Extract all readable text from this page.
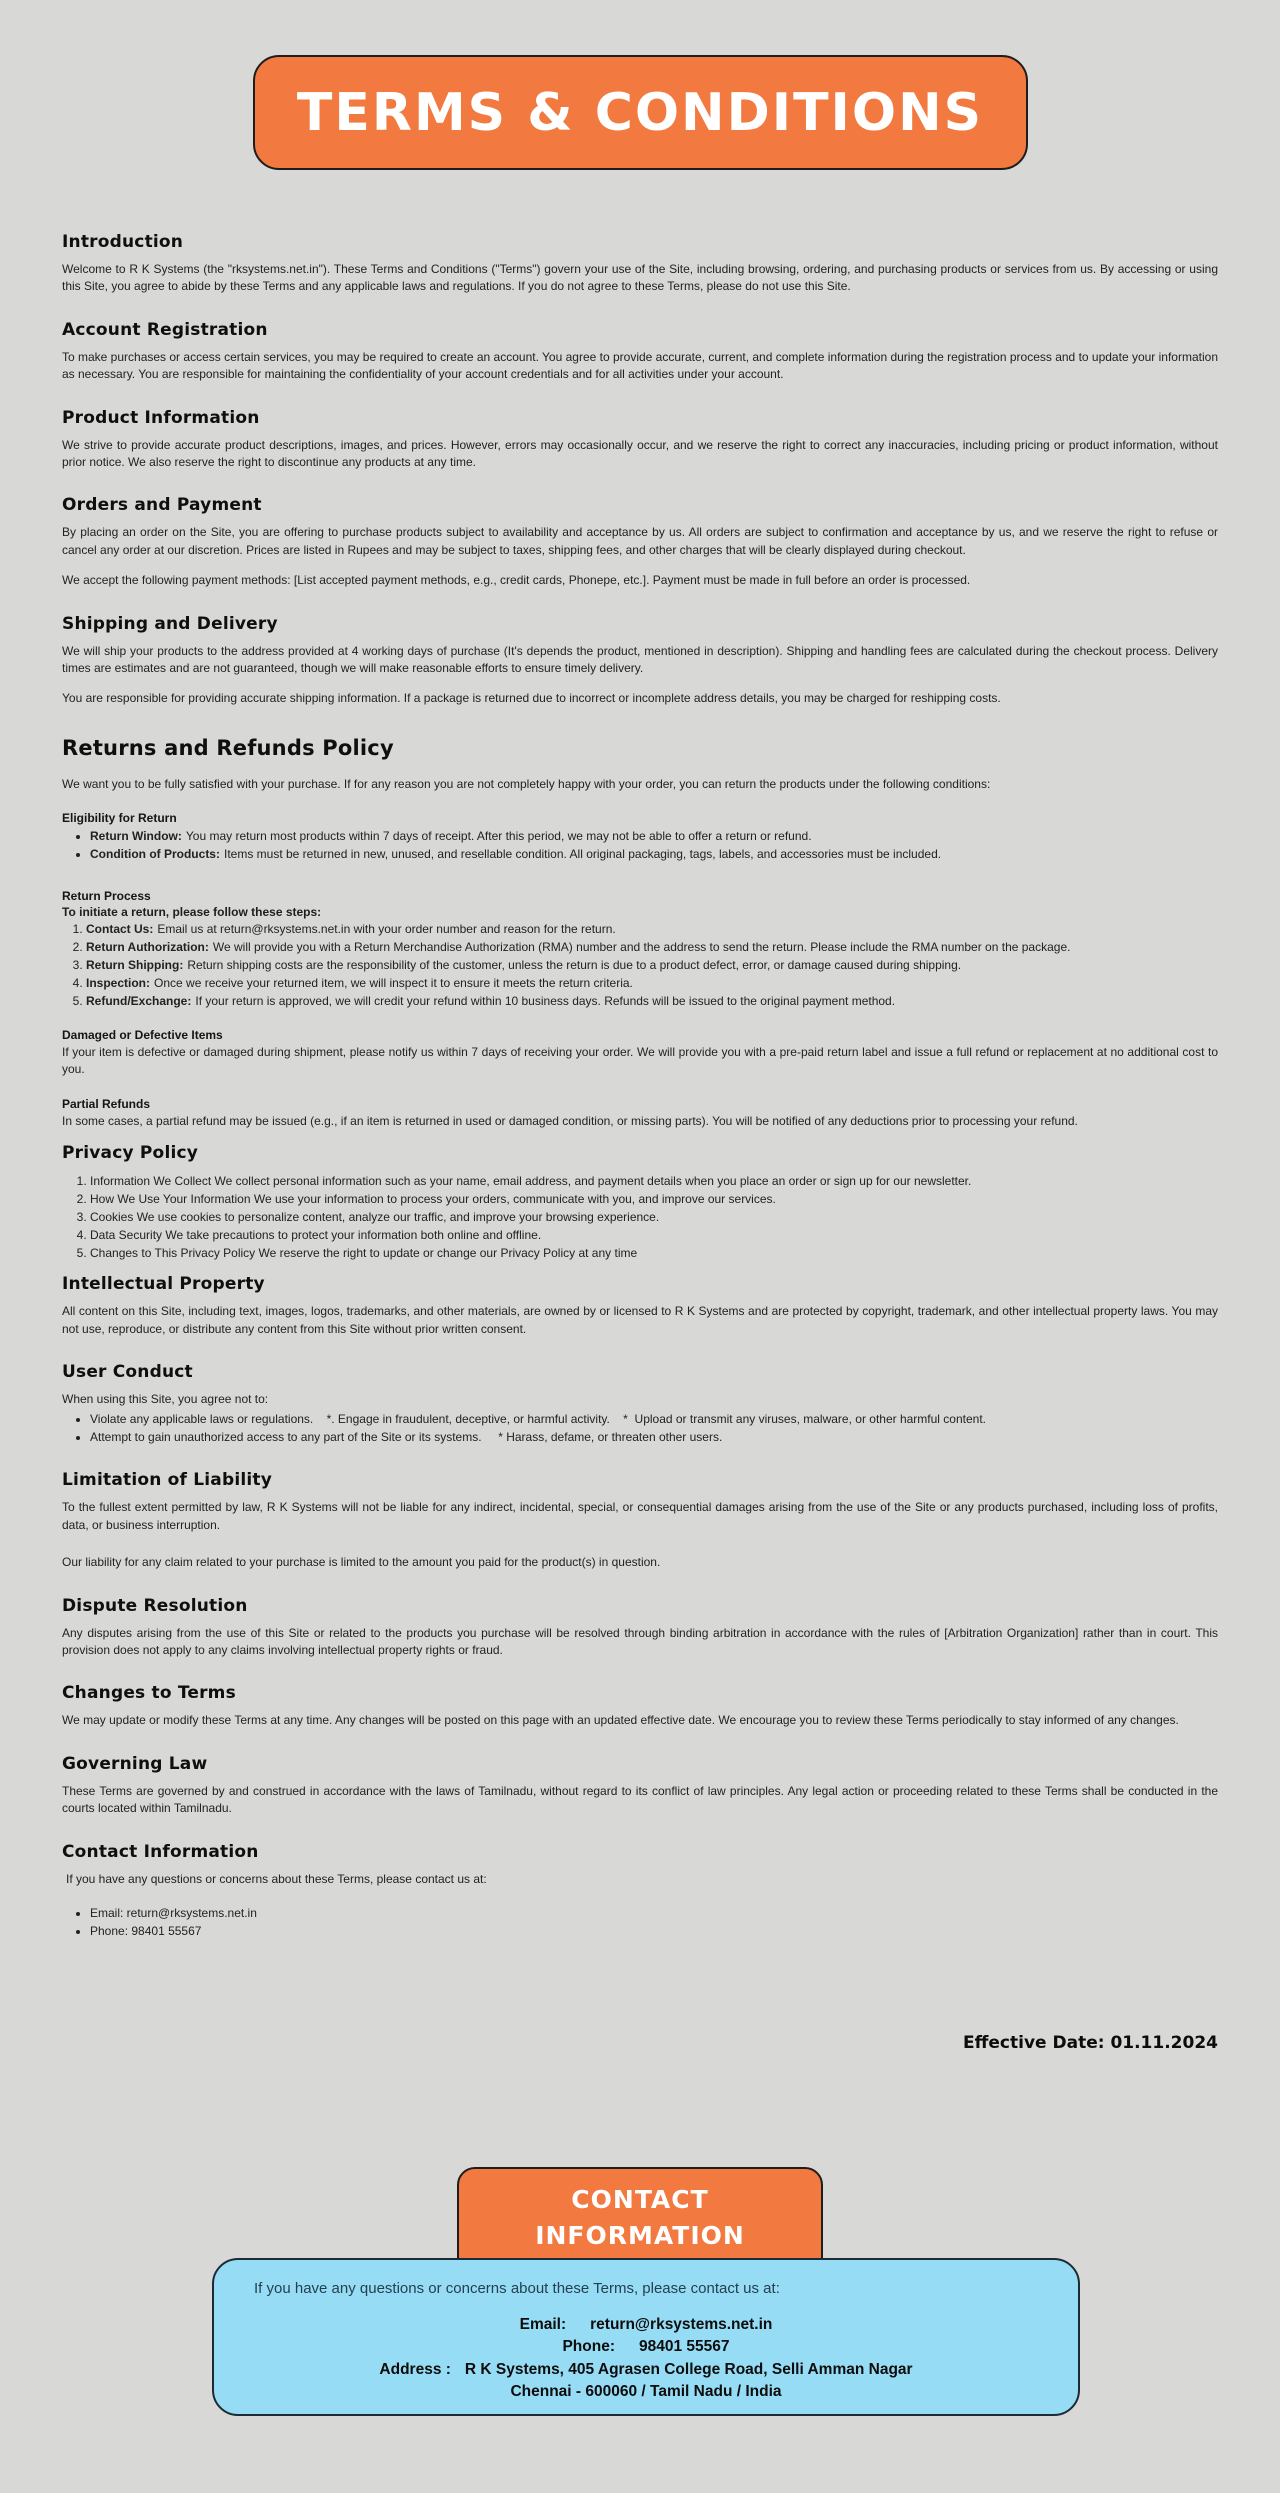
TERMS & CONDITIONS
Introduction

Welcome to R K Systems (the "rksystems.net.in"). These Terms and Conditions ("Terms") govern your use of the Site, including browsing, ordering, and purchasing products or services from us. By accessing or using this Site, you agree to abide by these Terms and any applicable laws and regulations. If you do not agree to these Terms, please do not use this Site.

Account Registration

To make purchases or access certain services, you may be required to create an account. You agree to provide accurate, current, and complete information during the registration process and to update your information as necessary. You are responsible for maintaining the confidentiality of your account credentials and for all activities under your account.

Product Information

We strive to provide accurate product descriptions, images, and prices. However, errors may occasionally occur, and we reserve the right to correct any inaccuracies, including pricing or product information, without prior notice. We also reserve the right to discontinue any products at any time.

Orders and Payment

By placing an order on the Site, you are offering to purchase products subject to availability and acceptance by us. All orders are subject to confirmation and acceptance by us, and we reserve the right to refuse or cancel any order at our discretion. Prices are listed in Rupees and may be subject to taxes, shipping fees, and other charges that will be clearly displayed during checkout.

We accept the following payment methods: [List accepted payment methods, e.g., credit cards, Phonepe, etc.]. Payment must be made in full before an order is processed.

Shipping and Delivery

We will ship your products to the address provided at 4 working days of purchase (It's depends the product, mentioned in description). Shipping and handling fees are calculated during the checkout process. Delivery times are estimates and are not guaranteed, though we will make reasonable efforts to ensure timely delivery.

You are responsible for providing accurate shipping information. If a package is returned due to incorrect or incomplete address details, you may be charged for reshipping costs.

Returns and Refunds Policy

We want you to be fully satisfied with your purchase. If for any reason you are not completely happy with your order, you can return the products under the following conditions:

Eligibility for Return
• Return Window: You may return most products within 7 days of receipt. After this period, we may not be able to offer a return or refund.
• Condition of Products: Items must be returned in new, unused, and resellable condition. All original packaging, tags, labels, and accessories must be included.
Return Process

To initiate a return, please follow these steps:

1. Contact Us: Email us at return@rksystems.net.in with your order number and reason for the return.
2. Return Authorization: We will provide you with a Return Merchandise Authorization (RMA) number and the address to send the return. Please include the RMA number on the package.
3. Return Shipping: Return shipping costs are the responsibility of the customer, unless the return is due to a product defect, error, or damage caused during shipping.
4. Inspection: Once we receive your returned item, we will inspect it to ensure it meets the return criteria.
5. Refund/Exchange: If your return is approved, we will credit your refund within 10 business days. Refunds will be issued to the original payment method.
Damaged or Defective Items

If your item is defective or damaged during shipment, please notify us within 7 days of receiving your order. We will provide you with a pre-paid return label and issue a full refund or replacement at no additional cost to you.

Partial Refunds

In some cases, a partial refund may be issued (e.g., if an item is returned in used or damaged condition, or missing parts). You will be notified of any deductions prior to processing your refund.

Privacy Policy
1. Information We Collect We collect personal information such as your name, email address, and payment details when you place an order or sign up for our newsletter.
2. How We Use Your Information We use your information to process your orders, communicate with you, and improve our services.
3. Cookies We use cookies to personalize content, analyze our traffic, and improve your browsing experience.
4. Data Security We take precautions to protect your information both online and offline.
5. Changes to This Privacy Policy We reserve the right to update or change our Privacy Policy at any time
Intellectual Property

All content on this Site, including text, images, logos, trademarks, and other materials, are owned by or licensed to R K Systems and are protected by copyright, trademark, and other intellectual property laws. You may not use, reproduce, or distribute any content from this Site without prior written consent.

User Conduct

When using this Site, you agree not to:

• Violate any applicable laws or regulations.    *. Engage in fraudulent, deceptive, or harmful activity.    *  Upload or transmit any viruses, malware, or other harmful content.
• Attempt to gain unauthorized access to any part of the Site or its systems.     * Harass, defame, or threaten other users.
Limitation of Liability

To the fullest extent permitted by law, R K Systems will not be liable for any indirect, incidental, special, or consequential damages arising from the use of the Site or any products purchased, including loss of profits, data, or business interruption.

Our liability for any claim related to your purchase is limited to the amount you paid for the product(s) in question.

Dispute Resolution

Any disputes arising from the use of this Site or related to the products you purchase will be resolved through binding arbitration in accordance with the rules of [Arbitration Organization] rather than in court. This provision does not apply to any claims involving intellectual property rights or fraud.

Changes to Terms

We may update or modify these Terms at any time. Any changes will be posted on this page with an updated effective date. We encourage you to review these Terms periodically to stay informed of any changes.

Governing Law

These Terms are governed by and construed in accordance with the laws of Tamilnadu, without regard to its conflict of law principles. Any legal action or proceeding related to these Terms shall be conducted in the courts located within Tamilnadu.

Contact Information

If you have any questions or concerns about these Terms, please contact us at:

• Email: return@rksystems.net.in
• Phone: 98401 55567
Effective Date: 01.11.2024
CONTACT
INFORMATION

If you have any questions or concerns about these Terms, please contact us at:

Email: return@rksystems.net.in
Phone: 98401 55567
Address : R K Systems, 405 Agrasen College Road, Selli Amman Nagar
Chennai - 600060 / Tamil Nadu / India
